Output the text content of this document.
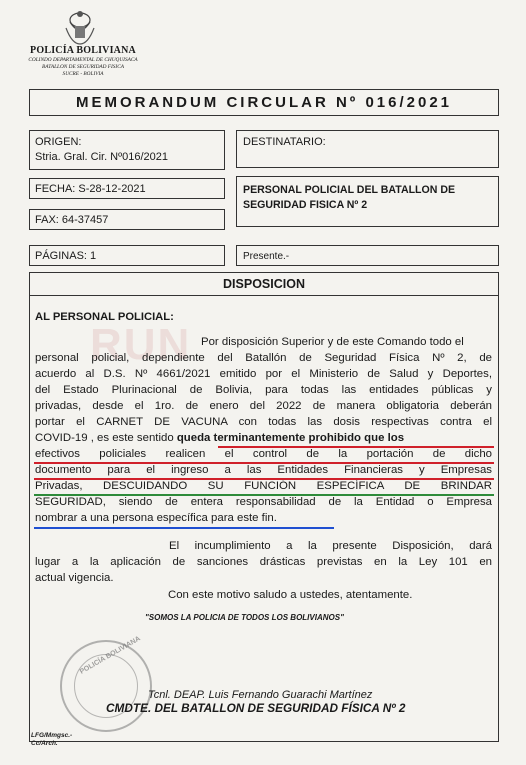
POLICÍA BOLIVIANA
COLINDO DEPARTAMENTAL DE CHUQUISACA
BATALLON DE SEGURIDAD FISICA
SUCRE - BOLIVIA
MEMORANDUM CIRCULAR Nº 016/2021
ORIGEN:
Stria. Gral. Cir. Nº016/2021
DESTINATARIO:
FECHA: S-28-12-2021	PERSONAL POLICIAL DEL BATALLON DE
SEGURIDAD FISICA Nº 2
FAX: 64-37457
PÁGINAS: 1	Presente.-
DISPOSICION
RUN
AL PERSONAL POLICIAL:
Por disposición Superior y de este Comando todo el
personal policial, dependiente del Batallón de Seguridad Física Nº 2, de
acuerdo al D.S. Nº 4661/2021 emitido por el Ministerio de Salud y Deportes,
del Estado Plurinacional de Bolivia, para todas las entidades públicas y
privadas, desde el 1ro. de enero del 2022 de manera obligatoria deberán
portar el CARNET DE VACUNA con todas las dosis respectivas contra el
COVID-19 , es este sentido queda terminantemente prohibido que los
efectivos policiales realicen el control de la portación de dicho
documento para el ingreso a las Entidades Financieras y Empresas
Privadas, DESCUIDANDO SU FUNCIÓN ESPECÍFICA DE BRINDAR
SEGURIDAD, siendo de entera responsabilidad de la Entidad o Empresa
nombrar a una persona específica para este fin.
El incumplimiento a la presente Disposición, dará
lugar a la aplicación de sanciones drásticas previstas en la Ley 101 en
actual vigencia.
Con este motivo saludo a ustedes, atentamente.
"SOMOS LA POLICIA DE TODOS LOS BOLIVIANOS"
POLICÍA BOLIVIANA
Tcnl. DEAP. Luis Fernando Guarachi Martínez
CMDTE. DEL BATALLON DE SEGURIDAD FÍSICA Nº 2
LFG/Mmgsc.-
Cc/Arch.
